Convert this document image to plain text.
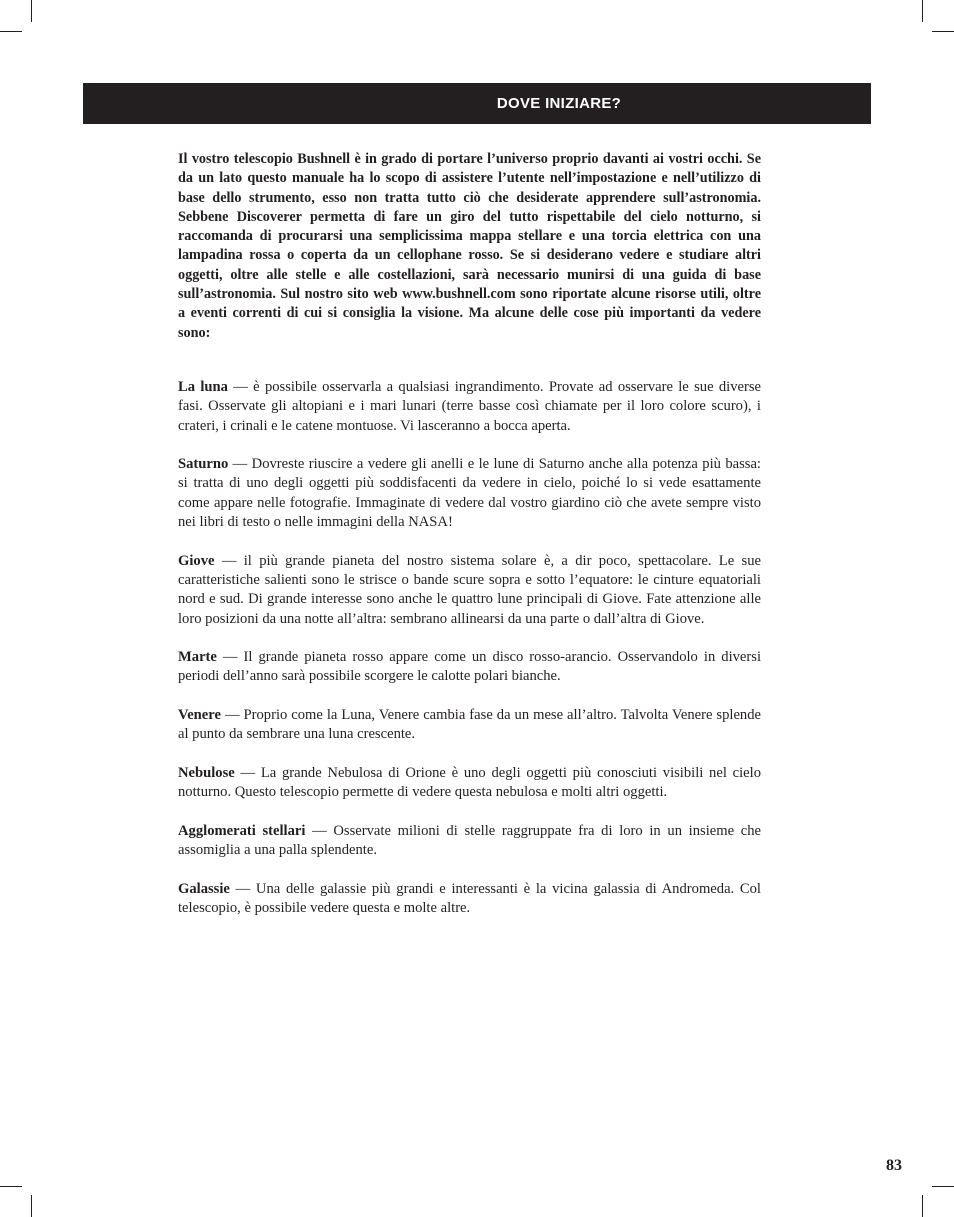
DOVE INIZIARE?

Il vostro telescopio Bushnell è in grado di portare l’universo proprio davanti ai vostri occhi. Se da un lato questo manuale ha lo scopo di assistere l’utente nell’impostazione e nell’utilizzo di base dello strumento, esso non tratta tutto ciò che desiderate apprendere sull’astronomia. Sebbene Discoverer permetta di fare un giro del tutto rispettabile del cielo notturno, si raccomanda di procurarsi una semplicissima mappa stellare e una torcia elettrica con una lampadina rossa o coperta da un cellophane rosso. Se si desiderano vedere e studiare altri oggetti, oltre alle stelle e alle costellazioni, sarà necessario munirsi di una guida di base sull’astronomia. Sul nostro sito web www.bushnell.com sono riportate alcune risorse utili, oltre a eventi correnti di cui si consiglia la visione. Ma alcune delle cose più importanti da vedere sono:

La luna — è possibile osservarla a qualsiasi ingrandimento. Provate ad osservare le sue diverse fasi. Osservate gli altopiani e i mari lunari (terre basse così chiamate per il loro colore scuro), i crateri, i crinali e le catene montuose. Vi lasceranno a bocca aperta.

Saturno — Dovreste riuscire a vedere gli anelli e le lune di Saturno anche alla potenza più bassa: si tratta di uno degli oggetti più soddisfacenti da vedere in cielo, poiché lo si vede esattamente come appare nelle fotografie. Immaginate di vedere dal vostro giardino ciò che avete sempre visto nei libri di testo o nelle immagini della NASA!

Giove — il più grande pianeta del nostro sistema solare è, a dir poco, spettacolare. Le sue caratteristiche salienti sono le strisce o bande scure sopra e sotto l’equatore: le cinture equatoriali nord e sud. Di grande interesse sono anche le quattro lune principali di Giove. Fate attenzione alle loro posizioni da una notte all’altra: sembrano allinearsi da una parte o dall’altra di Giove.

Marte — Il grande pianeta rosso appare come un disco rosso-arancio. Osservandolo in diversi periodi dell’anno sarà possibile scorgere le calotte polari bianche.

Venere — Proprio come la Luna, Venere cambia fase da un mese all’altro. Talvolta Venere splende al punto da sembrare una luna crescente.

Nebulose — La grande Nebulosa di Orione è uno degli oggetti più conosciuti visibili nel cielo notturno. Questo telescopio permette di vedere questa nebulosa e molti altri oggetti.

Agglomerati stellari — Osservate milioni di stelle raggruppate fra di loro in un insieme che assomiglia a una palla splendente.

Galassie — Una delle galassie più grandi e interessanti è la vicina galassia di Andromeda. Col telescopio, è possibile vedere questa e molte altre.

83
